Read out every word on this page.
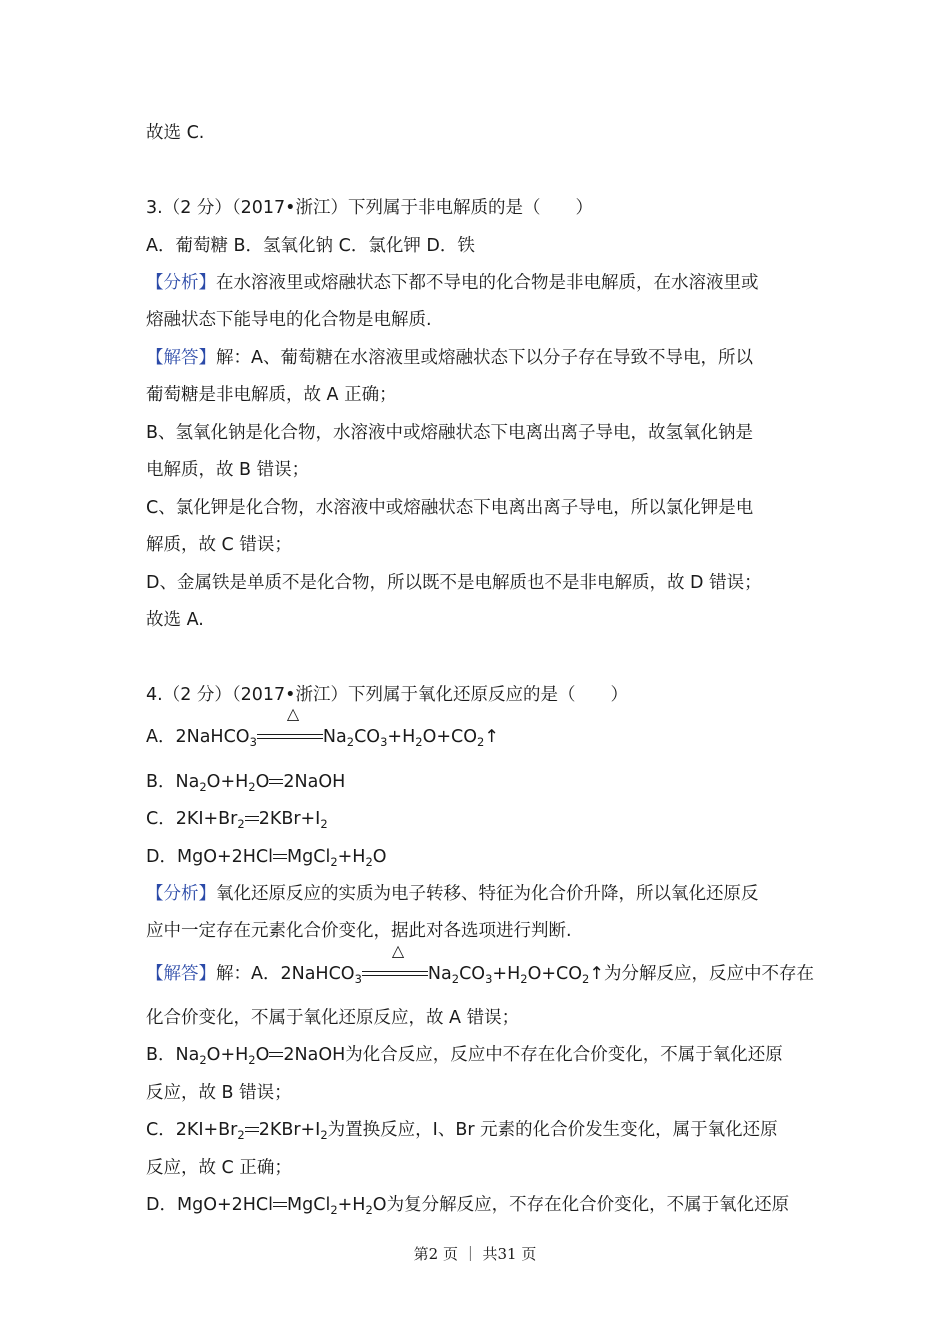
故选 C.
3.（2 分）（2017•浙江）下列属于非电解质的是（　　）
A．葡萄糖 B．氢氧化钠 C．氯化钾 D．铁
【分析】在水溶液里或熔融状态下都不导电的化合物是非电解质，在水溶液里或
熔融状态下能导电的化合物是电解质.
【解答】解：A、葡萄糖在水溶液里或熔融状态下以分子存在导致不导电，所以
葡萄糖是非电解质，故 A 正确；
B、氢氧化钠是化合物，水溶液中或熔融状态下电离出离子导电，故氢氧化钠是
电解质，故 B 错误；
C、氯化钾是化合物，水溶液中或熔融状态下电离出离子导电，所以氯化钾是电
解质，故 C 错误；
D、金属铁是单质不是化合物，所以既不是电解质也不是非电解质，故 D 错误；
故选 A.
4.（2 分）（2017•浙江）下列属于氧化还原反应的是（　　）
A．2NaHCO$_3$
△
$Na_2CO_3+H_2O+CO_2↑$
B．$Na_2O+H_2O$ 2NaOH
C．$2KI+Br_2$ $2KBr+I_2$
D．MgO+2HCl $MgCl_2+H_2O$
【分析】氧化还原反应的实质为电子转移、特征为化合价升降，所以氧化还原反
应中一定存在元素化合价变化，据此对各选项进行判断.
【解答】解：A．2NaHCO$_3$
△
$Na_2CO_3+H_2O+CO_2↑$为分解反应，反应中不存在
化合价变化，不属于氧化还原反应，故 A 错误；
B．$Na_2O+H_2O$ 2NaOH为化合反应，反应中不存在化合价变化，不属于氧化还原
反应，故 B 错误；
C．$2KI+Br_2$ $2KBr+I_2$为置换反应，I、Br 元素的化合价发生变化，属于氧化还原
反应，故 C 正确；
D．MgO+2HCl $MgCl_2+H_2O$为复分解反应，不存在化合价变化，不属于氧化还原
第2 页 ｜ 共31 页
